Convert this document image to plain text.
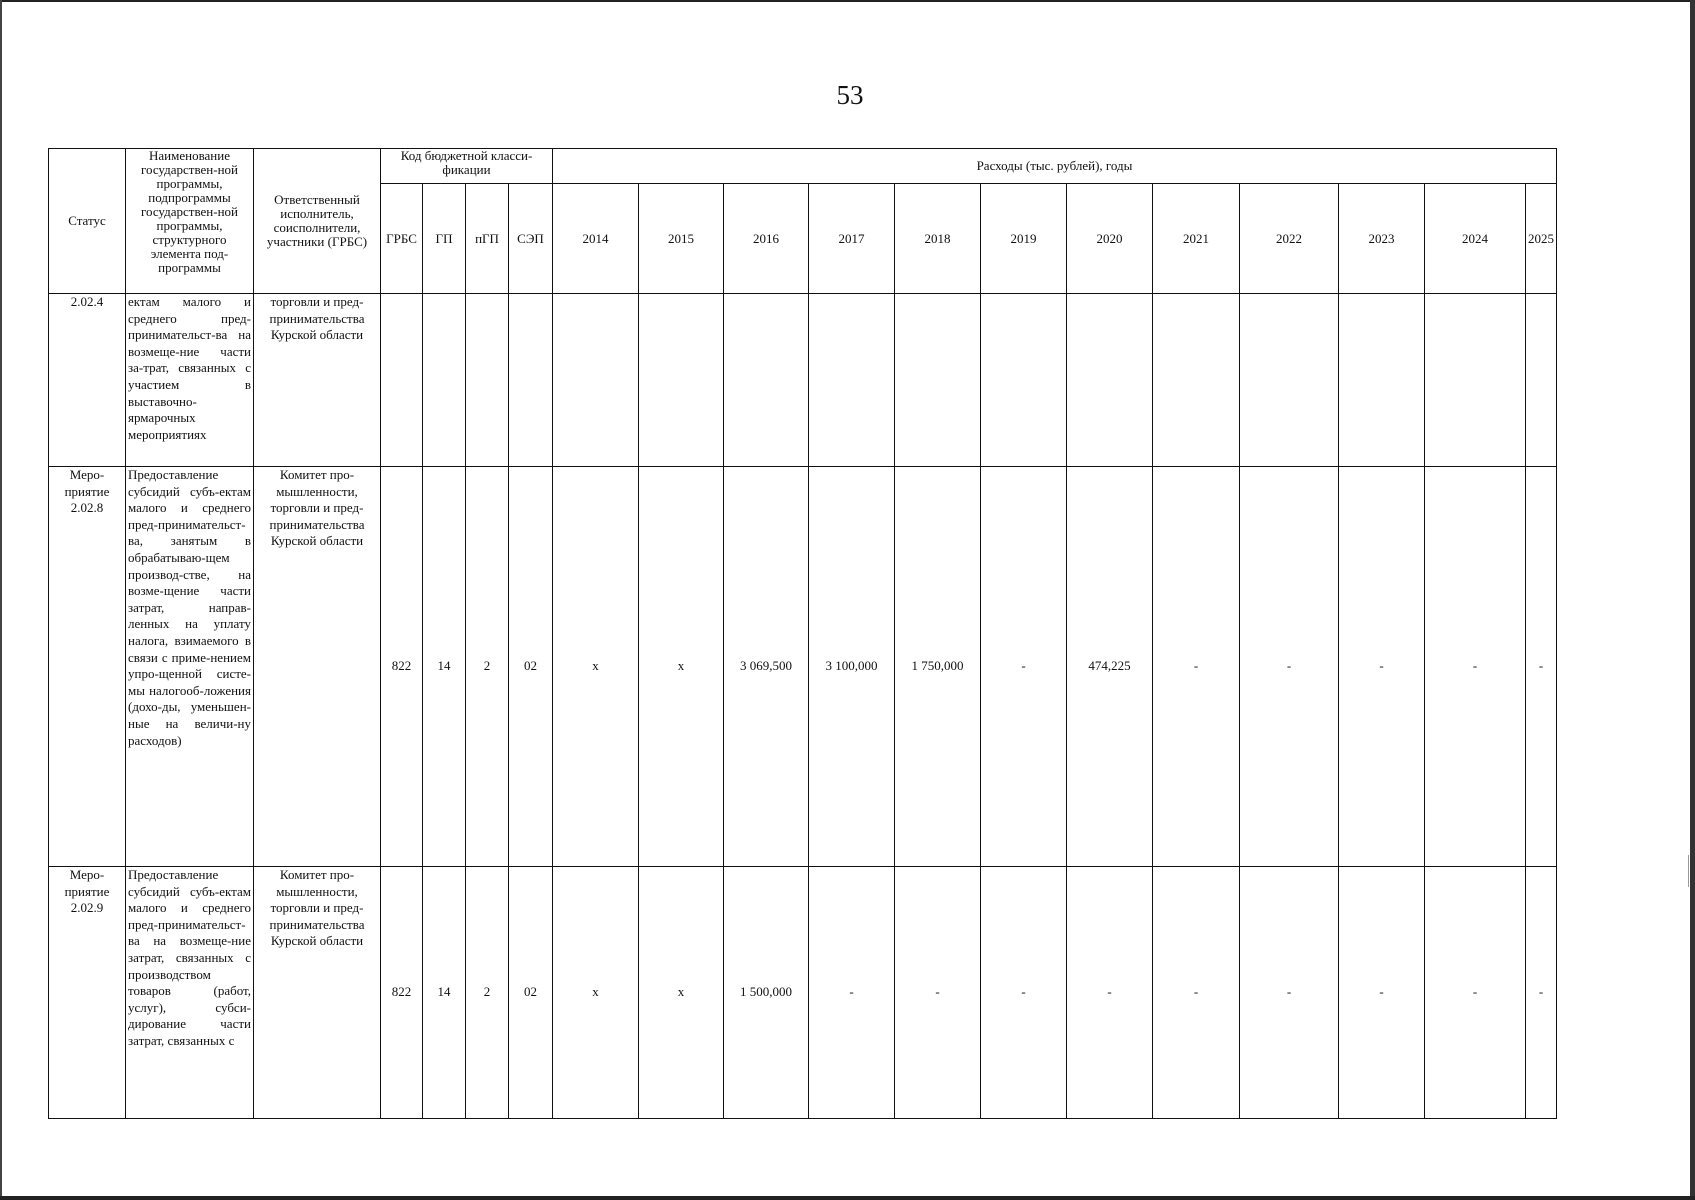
53
Статус	Наименование государствен-ной программы, подпрограммы государствен-ной программы, структурного элемента под-программы	Ответственный исполнитель, соисполнители, участники (ГРБС)	Код бюджетной класси-фикации				Расходы (тыс. рублей), годы											
			ГРБС	ГП	пГП	СЭП	2014	2015	2016	2017	2018	2019	2020	2021	2022	2023	2024	2025
2.02.4	ектам малого и среднего пред-принимательст-ва на возмеще-ние части за-трат, связанных с участием в выставочно-ярмарочных мероприятиях	торговли и пред-принимательства Курской области																
Меро-приятие 2.02.8	Предоставление субсидий субъ-ектам малого и среднего пред-принимательст-ва, занятым в обрабатываю-щем производ-стве, на возме-щение части затрат, направ-ленных на уплату налога, взимаемого в связи с приме-нением упро-щенной систе-мы налогооб-ложения (дохо-ды, уменьшен-ные на величи-ну расходов)	Комитет про-мышленности, торговли и пред-принимательства Курской области	822	14	2	02	x	x	3 069,500	3 100,000	1 750,000	-	474,225	-	-	-	-	-
Меро-приятие 2.02.9	Предоставление субсидий субъ-ектам малого и среднего пред-принимательст-ва на возмеще-ние затрат, связанных с производством товаров (работ, услуг), субси-дирование части затрат, связанных с	Комитет про-мышленности, торговли и пред-принимательства Курской области	822	14	2	02	x	x	1 500,000	-	-	-	-	-	-	-	-	-
